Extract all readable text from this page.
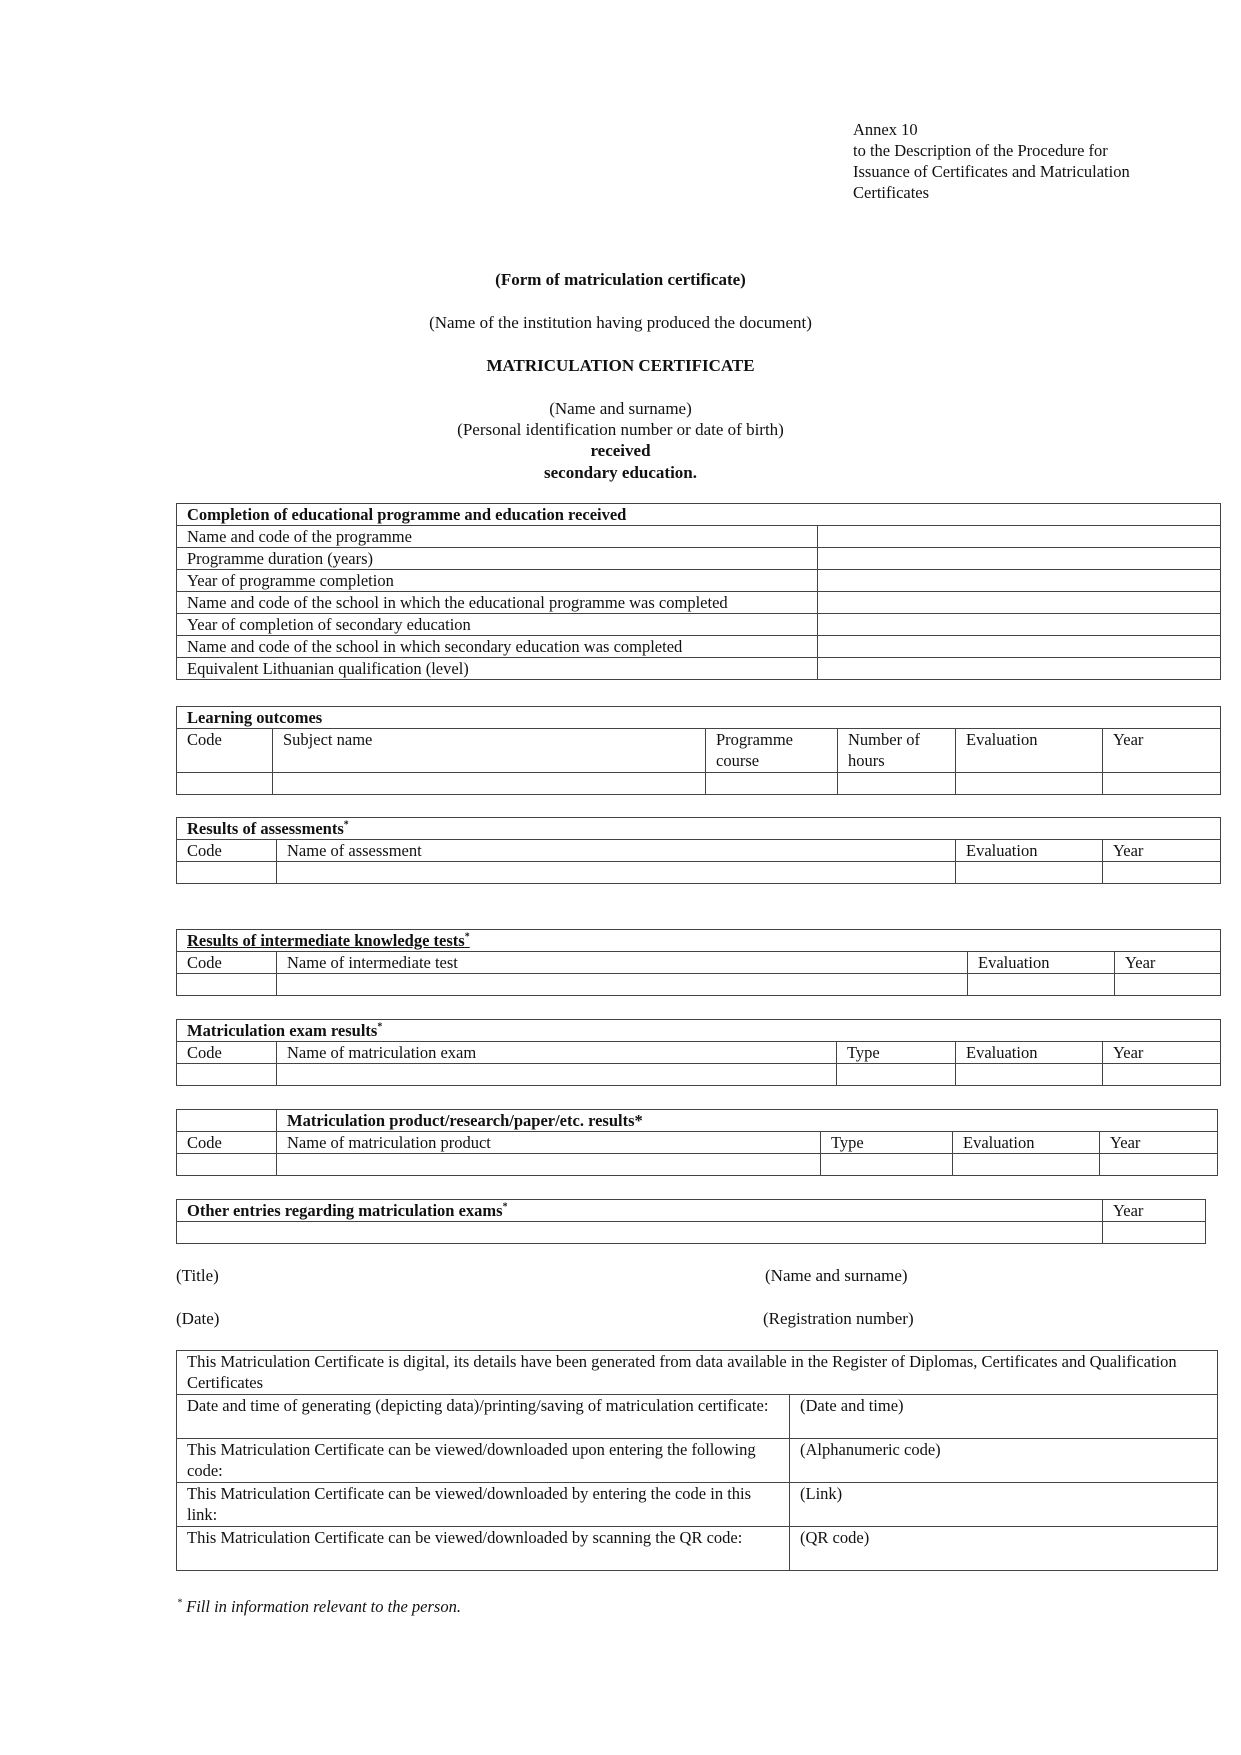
Annex 10
to the Description of the Procedure for
Issuance of Certificates and Matriculation
Certificates
(Form of matriculation certificate)
(Name of the institution having produced the document)
MATRICULATION CERTIFICATE
(Name and surname)
(Personal identification number or date of birth)
received
secondary education.
Completion of educational programme and education received	
Name and code of the programme	
Programme duration (years)	
Year of programme completion	
Name and code of the school in which the educational programme was completed	
Year of completion of secondary education	
Name and code of the school in which secondary education was completed	
Equivalent Lithuanian qualification (level)	
Learning outcomes					
Code	Subject name	Programme course	Number of hours	Evaluation	Year

Results of assessments*
Code	Name of assessment	Evaluation	Year

Results of intermediate knowledge tests*
Code	Name of intermediate test	Evaluation	Year

Matriculation exam results*
Code	Name of matriculation exam	Type	Evaluation	Year

	Matriculation product/research/paper/etc. results*			
Code	Name of matriculation product	Type	Evaluation	Year

Other entries regarding matriculation exams*	Year

(Title)	(Name and surname)
(Date)	(Registration number)
This Matriculation Certificate is digital, its details have been generated from data available in the Register of Diplomas, Certificates and Qualification Certificates	
Date and time of generating (depicting data)/printing/saving of matriculation certificate:	(Date and time)
This Matriculation Certificate can be viewed/downloaded upon entering the following code:	(Alphanumeric code)
This Matriculation Certificate can be viewed/downloaded by entering the code in this link:	(Link)
This Matriculation Certificate can be viewed/downloaded by scanning the QR code:	(QR code)
* Fill in information relevant to the person.
